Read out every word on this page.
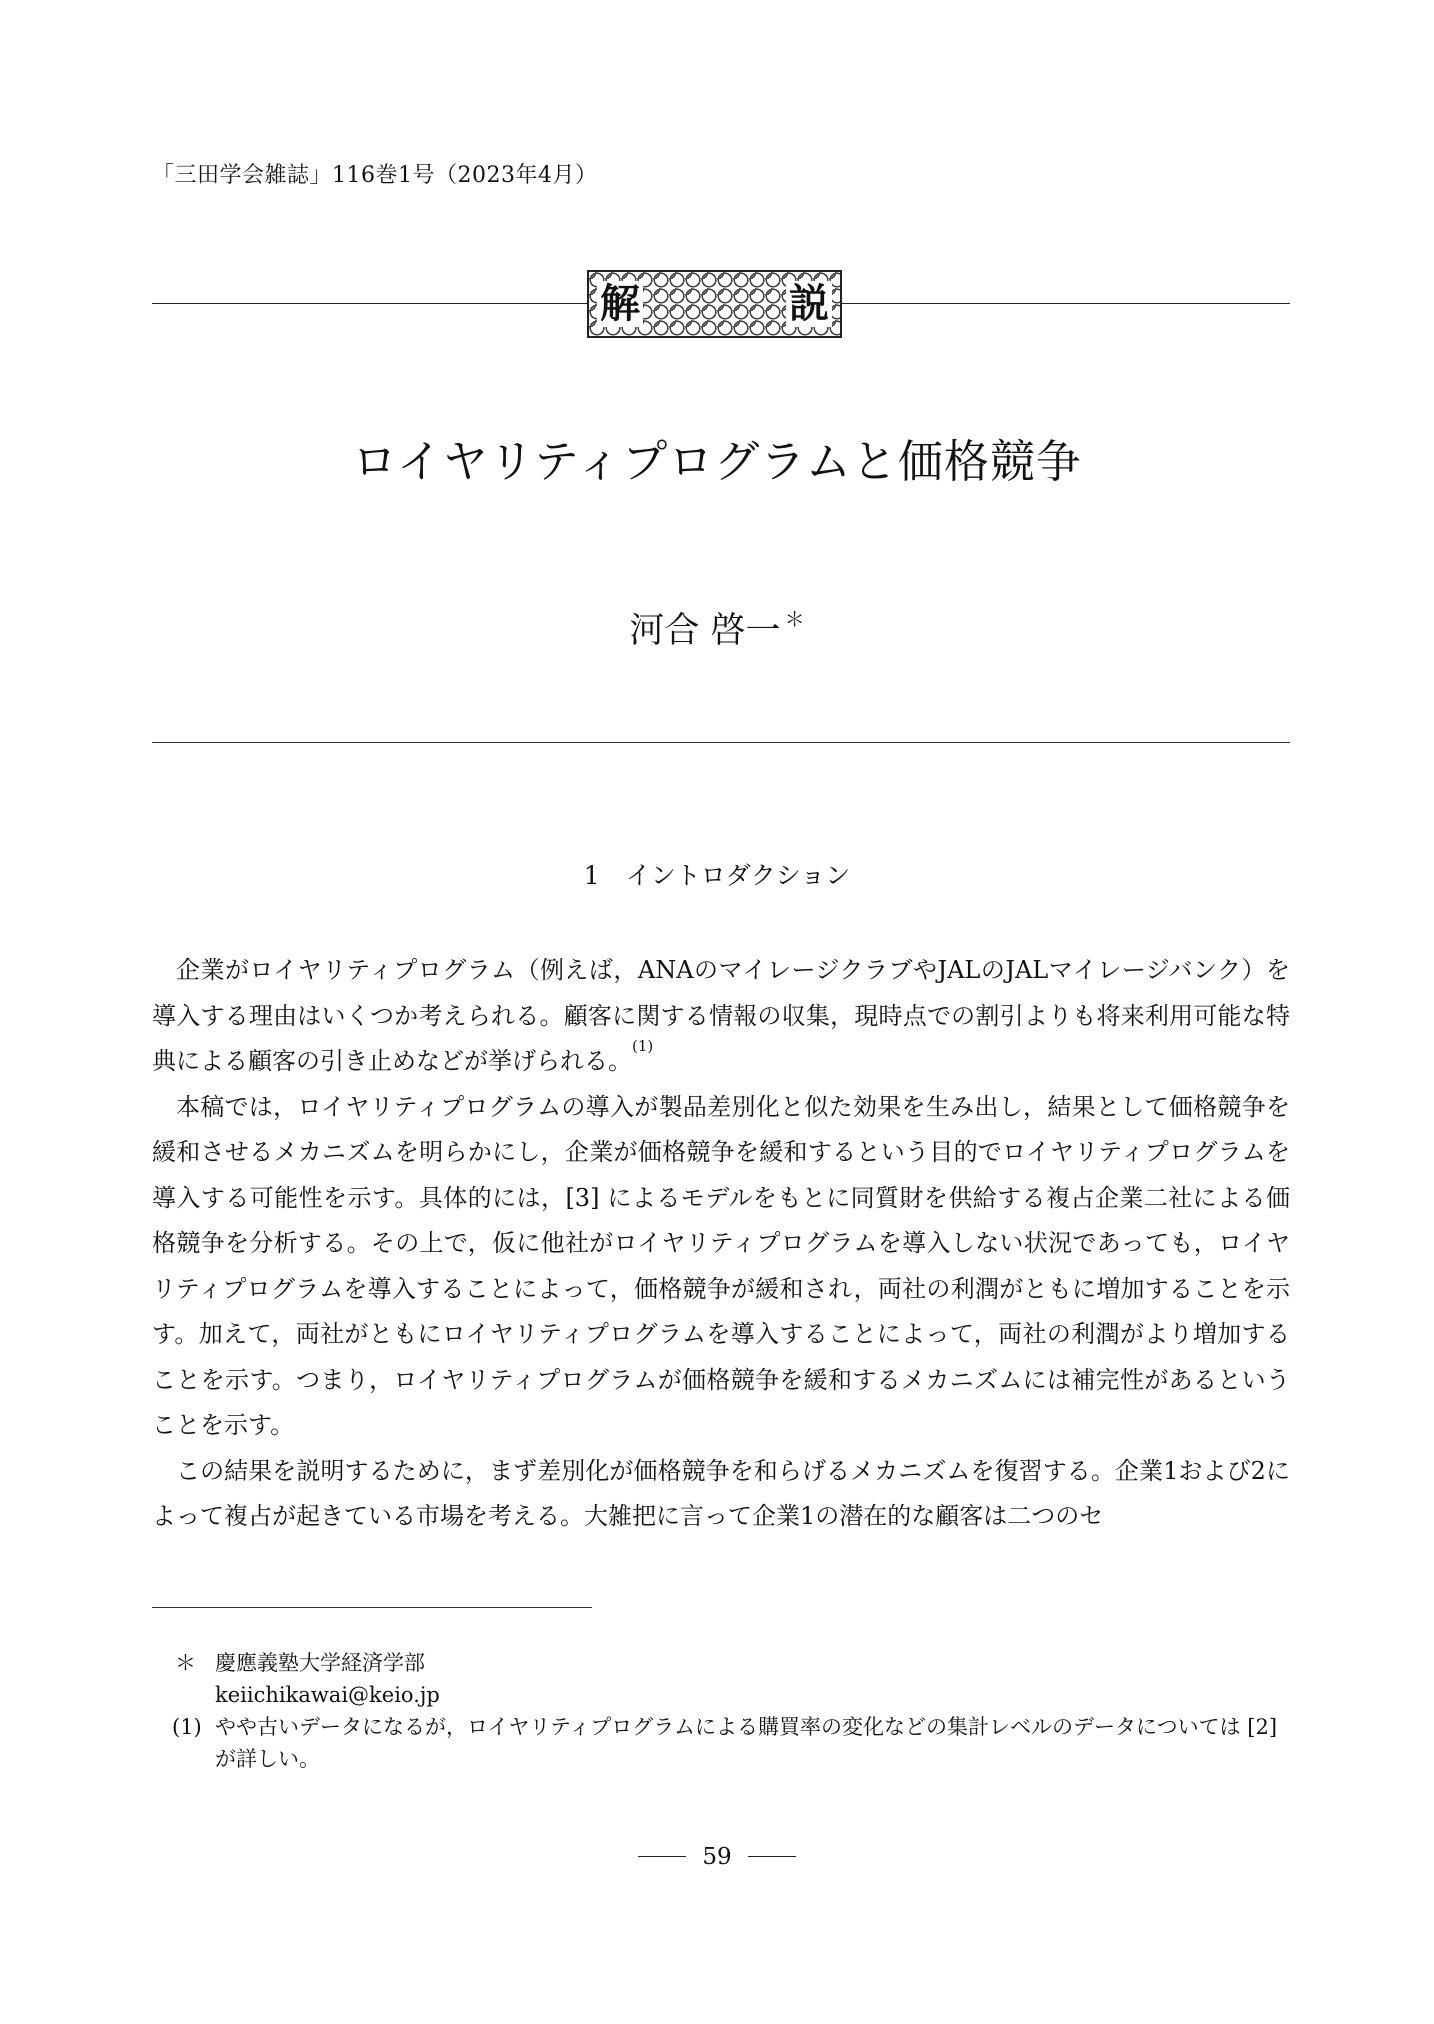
「三田学会雑誌」116巻1号（2023年4月）
解	説
ロイヤリティプログラムと価格競争
河合 啓一 ＊
1 イントロダクション

企業がロイヤリティプログラム（例えば，ANAのマイレージクラブやJALのJALマイレージバンク）を導入する理由はいくつか考えられる。顧客に関する情報の収集，現時点での割引よりも将来利用可能な特典による顧客の引き止めなどが挙げられる。$^{(1)}$

本稿では，ロイヤリティプログラムの導入が製品差別化と似た効果を生み出し，結果として価格競争を緩和させるメカニズムを明らかにし，企業が価格競争を緩和するという目的でロイヤリティプログラムを導入する可能性を示す。具体的には，[3] によるモデルをもとに同質財を供給する複占企業二社による価格競争を分析する。その上で，仮に他社がロイヤリティプログラムを導入しない状況であっても，ロイヤリティプログラムを導入することによって，価格競争が緩和され，両社の利潤がともに増加することを示す。加えて，両社がともにロイヤリティプログラムを導入することによって，両社の利潤がより増加することを示す。つまり，ロイヤリティプログラムが価格競争を緩和するメカニズムには補完性があるということを示す。

この結果を説明するために，まず差別化が価格競争を和らげるメカニズムを復習する。企業1および2によって複占が起きている市場を考える。大雑把に言って企業1の潜在的な顧客は二つのセ

＊ 慶應義塾大学経済学部
keiichikawai@keio.jp
(1) やや古いデータになるが，ロイヤリティプログラムによる購買率の変化などの集計レベルのデータについては [2] が詳しい。
59
